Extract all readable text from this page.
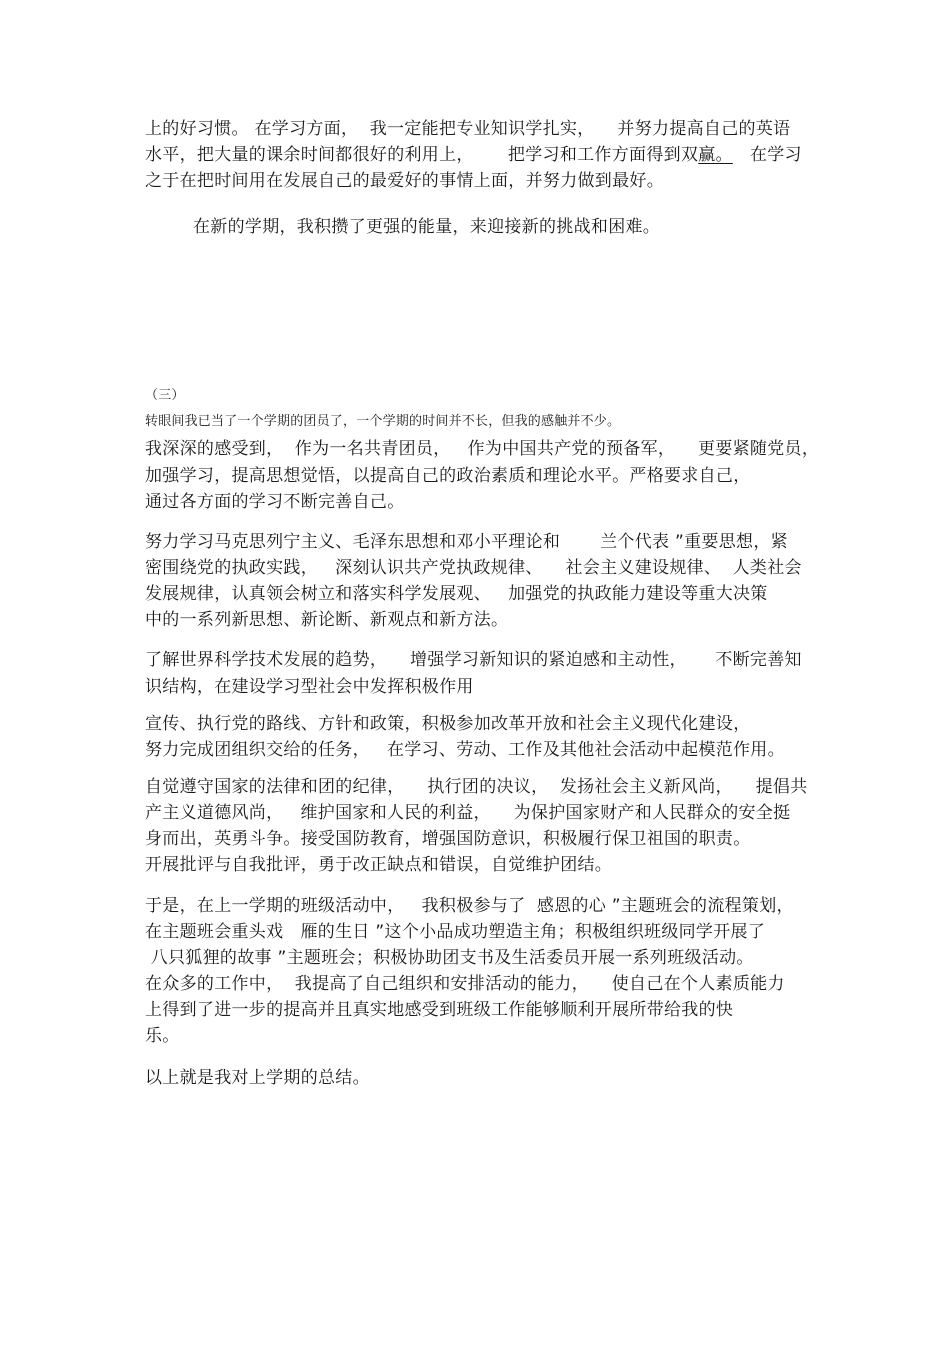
上的好习惯。 在学习方面，  我一定能把专业知识学扎实，    并努力提高自己的英语
水平，把大量的课余时间都很好的利用上，      把学习和工作方面得到双赢。   在学习
之于在把时间用在发展自己的最爱好的事情上面，并努力做到最好。
在新的学期，我积攒了更强的能量，来迎接新的挑战和困难。
（三）
转眼间我已当了一个学期的团员了，一个学期的时间并不长，但我的感触并不少。
我深深的感受到，  作为一名共青团员，   作为中国共产党的预备军，    更要紧随党员，
加强学习，提高思想觉悟，以提高自己的政治素质和理论水平。严格要求自己，
通过各方面的学习不断完善自己。
努力学习马克思列宁主义、毛泽东思想和邓小平理论和       兰个代表 ”重要思想，紧
密围绕党的执政实践，   深刻认识共产党执政规律、    社会主义建设规律、  人类社会
发展规律，认真领会树立和落实科学发展观、   加强党的执政能力建设等重大决策
中的一系列新思想、新论断、新观点和新方法。
了解世界科学技术发展的趋势，    增强学习新知识的紧迫感和主动性，     不断完善知
识结构，在建设学习型社会中发挥积极作用
宣传、执行党的路线、方针和政策，积极参加改革开放和社会主义现代化建设，
努力完成团组织交给的任务，   在学习、劳动、工作及其他社会活动中起模范作用。
自觉遵守国家的法律和团的纪律，    执行团的决议，  发扬社会主义新风尚，    提倡共
产主义道德风尚，   维护国家和人民的利益，    为保护国家财产和人民群众的安全挺
身而出，英勇斗争。接受国防教育，增强国防意识，积极履行保卫祖国的职责。
开展批评与自我批评，勇于改正缺点和错误，自觉维护团结。
于是，在上一学期的班级活动中，   我积极参与了  感恩的心 ”主题班会的流程策划，
在主题班会重头戏   雁的生日 ”这个小品成功塑造主角；积极组织班级同学开展了
八只狐狸的故事 ”主题班会；积极协助团支书及生活委员开展一系列班级活动。
在众多的工作中，  我提高了自己组织和安排活动的能力，    使自己在个人素质能力
上得到了进一步的提高并且真实地感受到班级工作能够顺利开展所带给我的快
乐。
以上就是我对上学期的总结。
